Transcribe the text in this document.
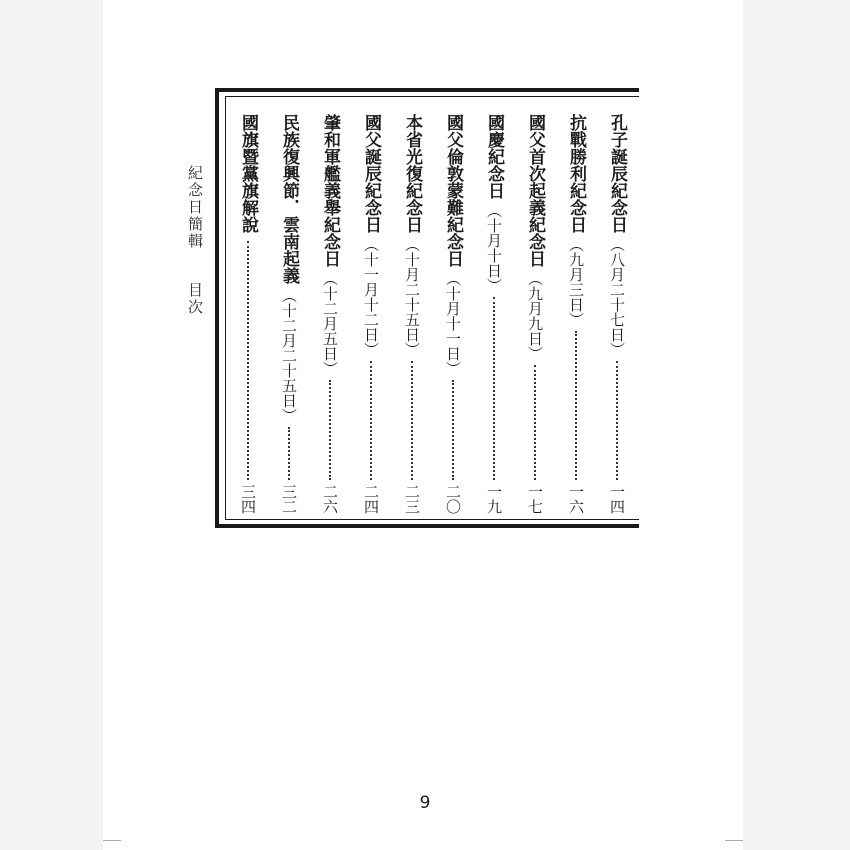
紀念日簡輯  目次
孔子誕辰紀念日
（八月二十七日）
一四
抗戰勝利紀念日
（九月三日）
一六
國父首次起義紀念日
（九月九日）
一七
國慶紀念日
（十月十日）
一九
國父倫敦蒙難紀念日
（十月十一日）
二〇
本省光復紀念日
（十月二十五日）
二三
國父誕辰紀念日
（十一月十二日）
二四
肇和軍艦義舉紀念日
（十二月五日）
二六
民族復興節．雲南起義
（十二月二十五日）
三二
國旗暨黨旗解說
三四
9
